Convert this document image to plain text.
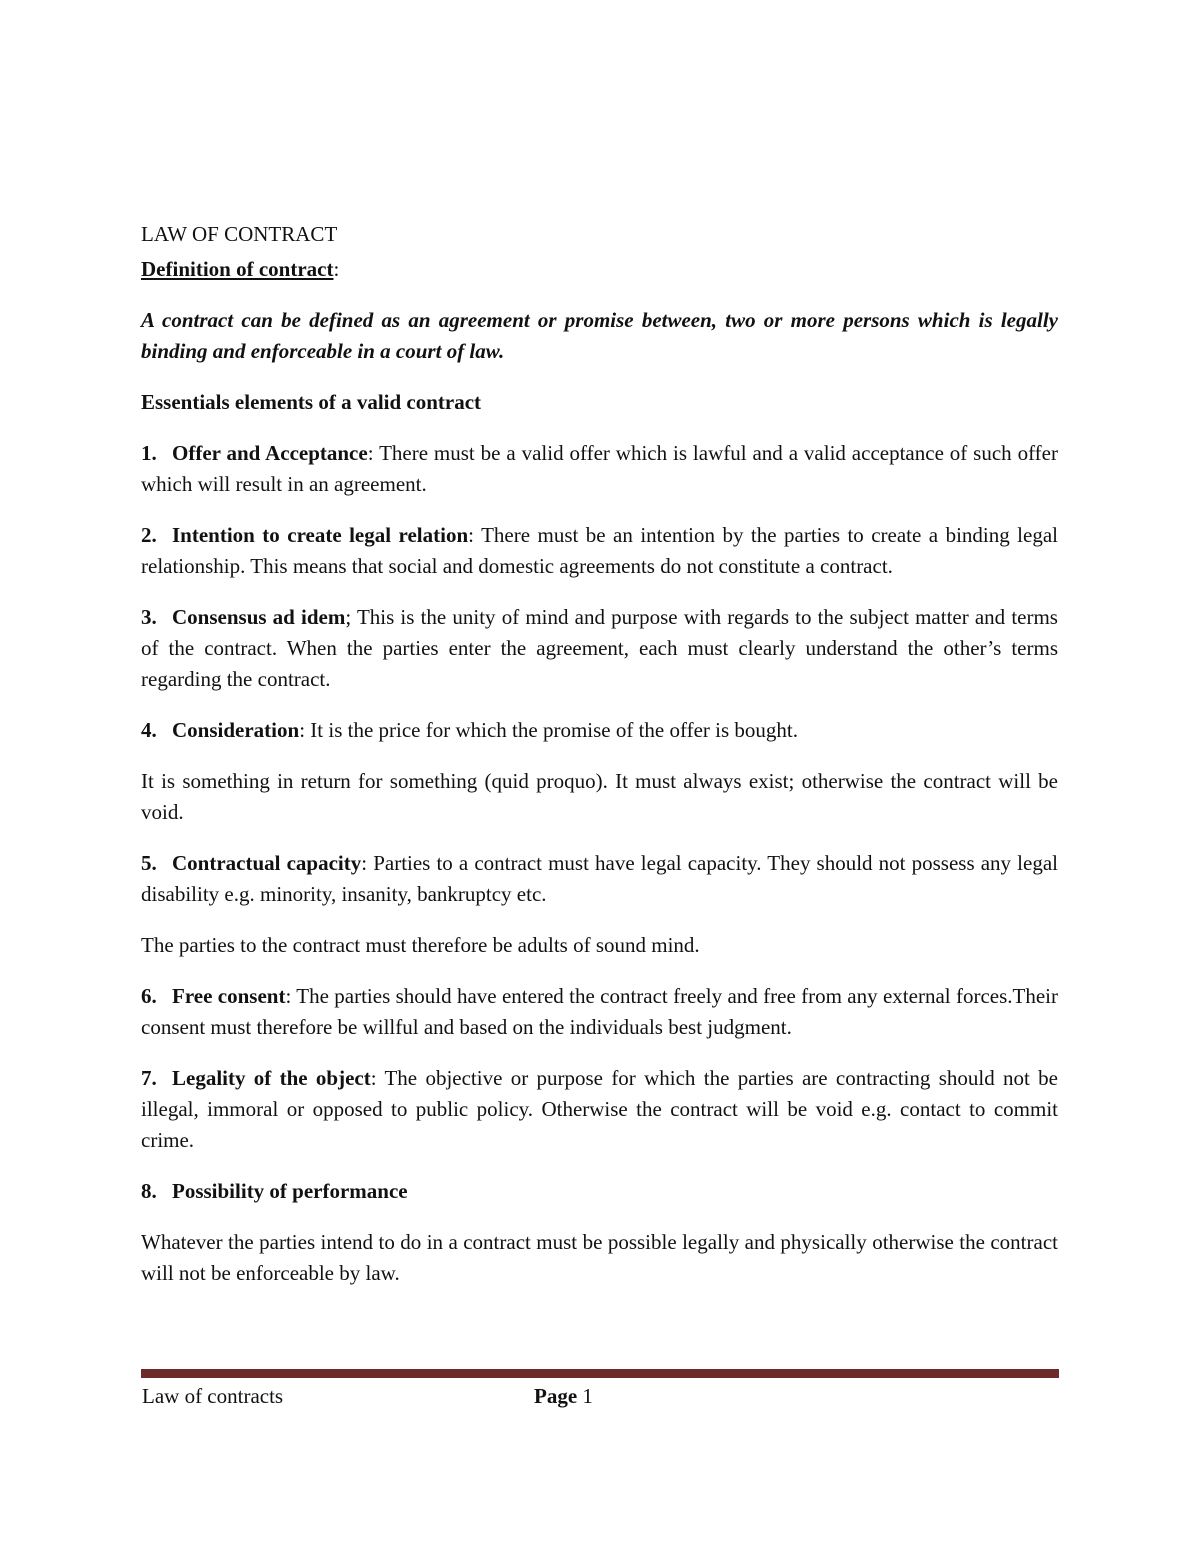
LAW OF CONTRACT

Definition of contract:

A contract can be defined as an agreement or promise between, two or more persons which is legally binding and enforceable in a court of law.

Essentials elements of a valid contract

1. Offer and Acceptance: There must be a valid offer which is lawful and a valid acceptance of such offer which will result in an agreement.

2. Intention to create legal relation: There must be an intention by the parties to create a binding legal relationship. This means that social and domestic agreements do not constitute a contract.

3. Consensus ad idem; This is the unity of mind and purpose with regards to the subject matter and terms of the contract. When the parties enter the agreement, each must clearly understand the other’s terms regarding the contract.

4. Consideration: It is the price for which the promise of the offer is bought.

It is something in return for something (quid proquo). It must always exist; otherwise the contract will be void.

5. Contractual capacity: Parties to a contract must have legal capacity. They should not possess any legal disability e.g. minority, insanity, bankruptcy etc.

The parties to the contract must therefore be adults of sound mind.

6. Free consent: The parties should have entered the contract freely and free from any external forces.Their consent must therefore be willful and based on the individuals best judgment.

7. Legality of the object: The objective or purpose for which the parties are contracting should not be illegal, immoral or opposed to public policy. Otherwise the contract will be void e.g. contact to commit crime.

8. Possibility of performance

Whatever the parties intend to do in a contract must be possible legally and physically otherwise the contract will not be enforceable by law.

Law of contracts	Page 1
